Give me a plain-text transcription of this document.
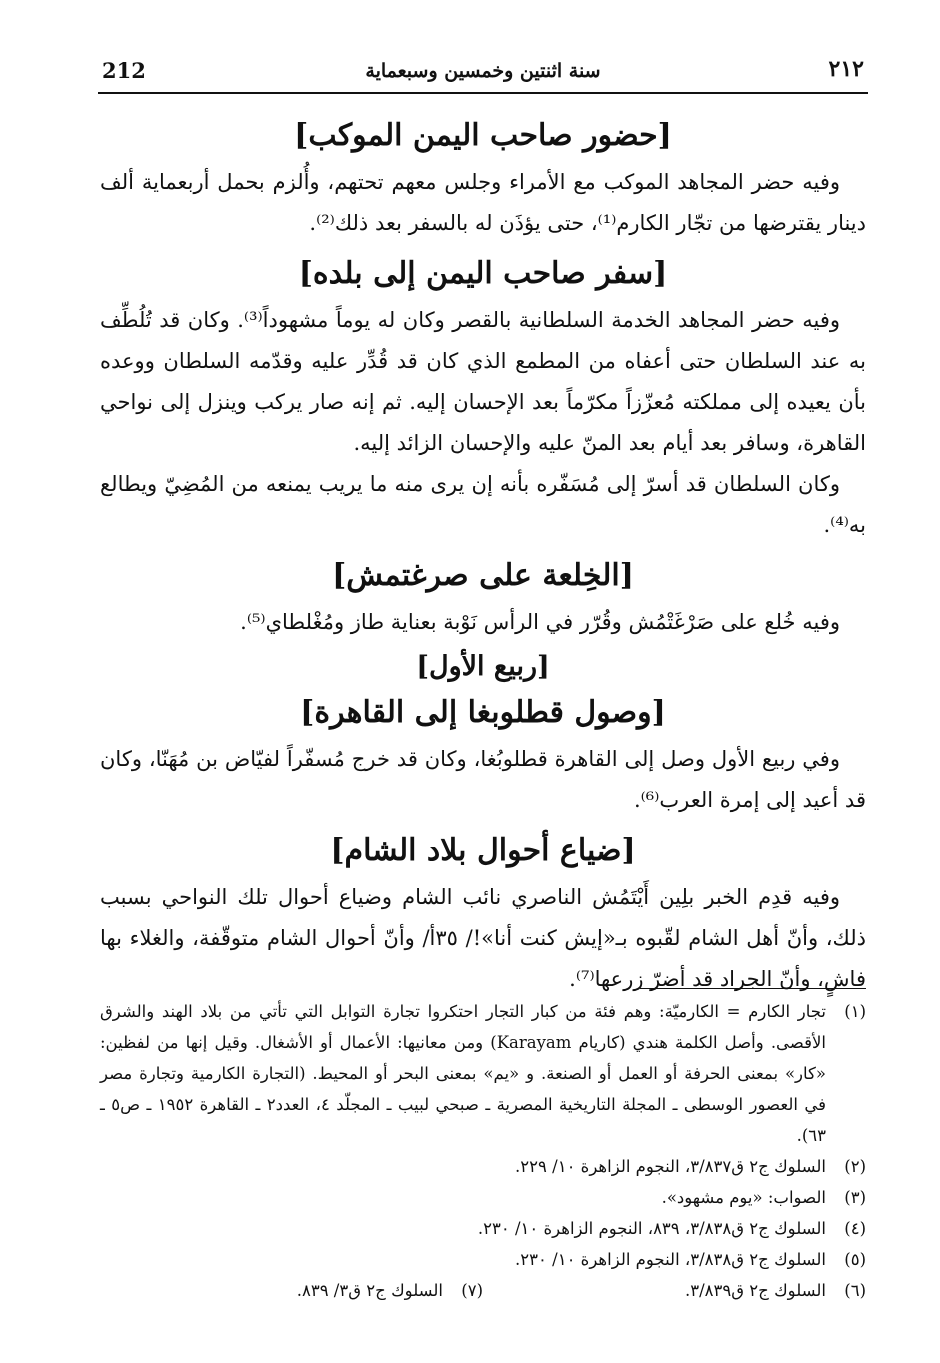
٢١٢
سنة اثنتين وخمسين وسبعماية
212
[حضور صاحب اليمن الموكب]

وفيه حضر المجاهد الموكب مع الأمراء وجلس معهم تحتهم، وأُلزم بحمل أربعماية ألف دينار يقترضها من تجّار الكارم⁽¹⁾، حتى يؤذَن له بالسفر بعد ذلك⁽²⁾.

[سفر صاحب اليمن إلى بلده]

وفيه حضر المجاهد الخدمة السلطانية بالقصر وكان له يوماً مشهوداً⁽³⁾. وكان قد تُلُطِّف به عند السلطان حتى أعفاه من المطمع الذي كان قد قُدِّر عليه وقدّمه السلطان ووعده بأن يعيده إلى مملكته مُعزّزاً مكرّماً بعد الإحسان إليه. ثم إنه صار يركب وينزل إلى نواحي القاهرة، وسافر بعد أيام بعد المنّ عليه والإحسان الزائد إليه.

وكان السلطان قد أسرّ إلى مُسَفّره بأنه إن يرى منه ما يريب يمنعه من المُضِيّ ويطالع به⁽⁴⁾.

[الخِلعة على صرغتمش]

وفيه خُلع على صَرْغَتْمُش وقُرّر في الرأس نَوْبة بعناية طاز ومُغْلطاي⁽⁵⁾.

[ربيع الأول]
[وصول قطلوبغا إلى القاهرة]

وفي ربيع الأول وصل إلى القاهرة قطلوبُغا، وكان قد خرج مُسفّراً لفيّاض بن مُهَنّا، وكان قد أعيد إلى إمرة العرب⁽⁶⁾.

[ضياع أحوال بلاد الشام]

وفيه قدِم الخبر بلِين أَيْتَمُش الناصري نائب الشام وضياع أحوال تلك النواحي بسبب ذلك، وأنّ أهل الشام لقّبوه بـ«إيش كنت أنا»!/ ٣٥أ/ وأنّ أحوال الشام متوقّفة، والغلاء بها فاشٍ، وأنّ الجراد قد أضرّ زرعها⁽⁷⁾.

(١)
تجار الكارم = الكارميّة: وهم فئة من كبار التجار احتكروا تجارة التوابل التي تأتي من بلاد الهند والشرق الأقصى. وأصل الكلمة هندي (كاريام Karayam) ومن معانيها: الأعمال أو الأشغال. وقيل إنها من لفظين: «كار» بمعنى الحرفة أو العمل أو الصنعة. و «يم» بمعنى البحر أو المحيط. (التجارة الكارمية وتجارة مصر في العصور الوسطى ـ المجلة التاريخية المصرية ـ صبحي لبيب ـ المجلّد ٤، العدد٢ ـ القاهرة ١٩٥٢ ـ ص٥ ـ ٦٣).
(٢)
السلوك ج٢ ق٣/٨٣٧، النجوم الزاهرة ١٠/ ٢٢٩.
(٣)
الصواب: «يوم مشهود».
(٤)
السلوك ج٢ ق٣/٨٣٨، ٨٣٩، النجوم الزاهرة ١٠/ ٢٣٠.
(٥)
السلوك ج٢ ق٣/٨٣٨، النجوم الزاهرة ١٠/ ٢٣٠.
(٦)
السلوك ج٢ ق٣/٨٣٩.
(٧)
السلوك ج٢ ق٣/ ٨٣٩.
